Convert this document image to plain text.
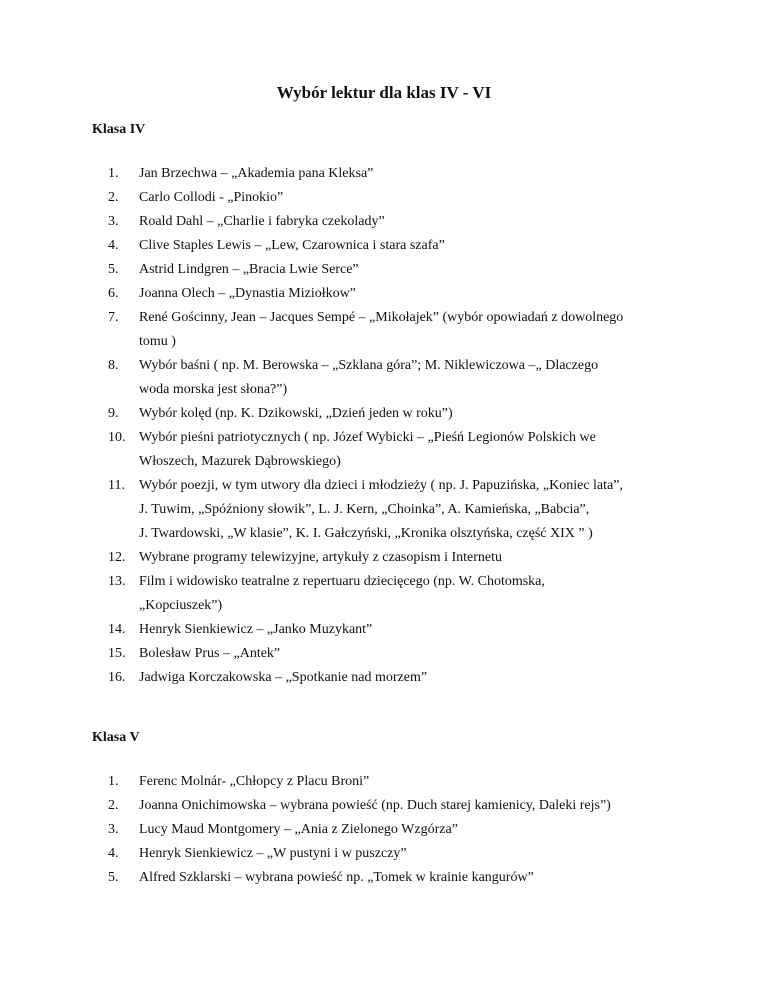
Wybór lektur dla klas IV - VI
Klasa IV
1. Jan Brzechwa – „Akademia pana Kleksa”
2. Carlo Collodi - „Pinokio”
3. Roald Dahl – „Charlie i fabryka czekolady”
4. Clive Staples Lewis – „Lew, Czarownica i stara szafa”
5. Astrid Lindgren – „Bracia Lwie Serce”
6. Joanna Olech – „Dynastia Miziołkow”
7. René Gościnny, Jean – Jacques Sempé – „Mikołajek” (wybór opowiadań z dowolnego
tomu )
8. Wybór baśni ( np. M. Berowska – „Szklana góra”; M. Niklewiczowa –„ Dlaczego
woda morska jest słona?”)
9. Wybór kolęd (np. K. Dzikowski, „Dzień jeden w roku”)
10. Wybór pieśni patriotycznych ( np. Józef Wybicki – „Pieśń Legionów Polskich we
Włoszech, Mazurek Dąbrowskiego)
11. Wybór poezji, w tym utwory dla dzieci i młodzieży ( np. J. Papuzińska, „Koniec lata”,
J. Tuwim, „Spóźniony słowik”, L. J. Kern, „Choinka”, A. Kamieńska, „Babcia”,
J. Twardowski, „W klasie”, K. I. Gałczyński, „Kronika olsztyńska, część XIX ” )
12. Wybrane programy telewizyjne, artykuły z czasopism i Internetu
13. Film i widowisko teatralne z repertuaru dziecięcego (np. W. Chotomska,
„Kopciuszek”)
14. Henryk Sienkiewicz – „Janko Muzykant”
15. Bolesław Prus – „Antek”
16. Jadwiga Korczakowska – „Spotkanie nad morzem”
Klasa V
1. Ferenc Molnár- „Chłopcy z Placu Broni”
2. Joanna Onichimowska – wybrana powieść (np. Duch starej kamienicy, Daleki rejs”)
3. Lucy Maud Montgomery – „Ania z Zielonego Wzgórza”
4. Henryk Sienkiewicz – „W pustyni i w puszczy”
5. Alfred Szklarski – wybrana powieść np. „Tomek w krainie kangurów”
